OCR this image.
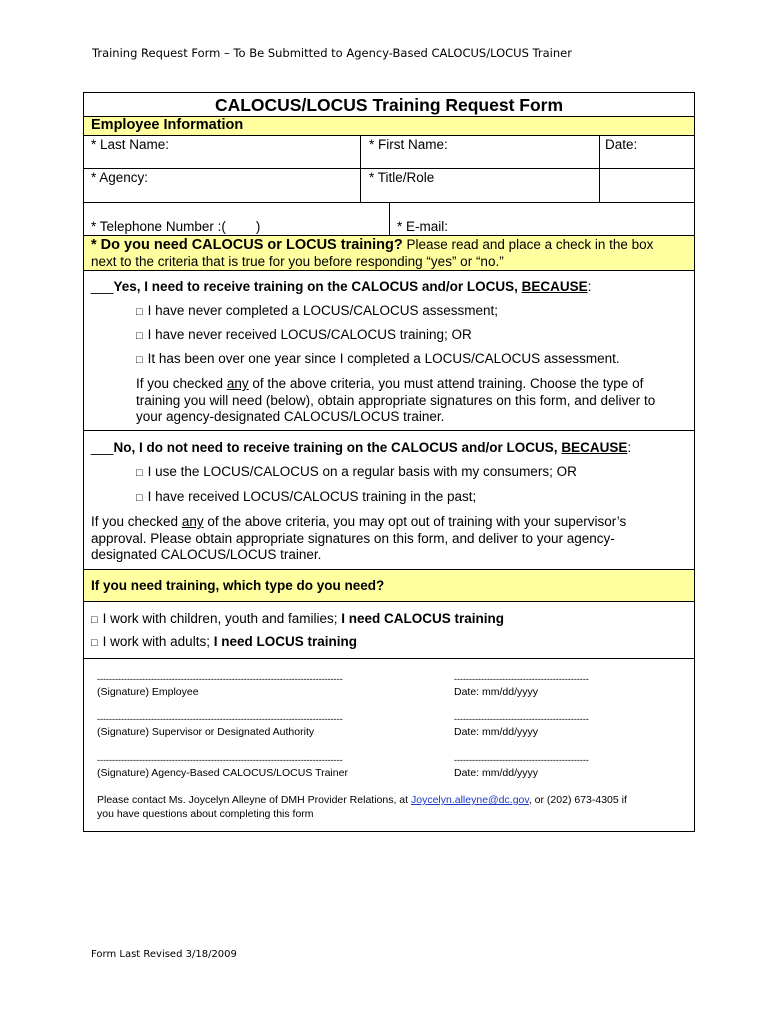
Training Request Form – To Be Submitted to Agency-Based CALOCUS/LOCUS Trainer
CALOCUS/LOCUS Training Request Form
Employee Information
* Last Name:	* First Name:	Date:
* Agency:	* Title/Role
* Telephone Number :(        )	* E-mail:
* Do you need CALOCUS or LOCUS training? Please read and place a check in the box
next to the criteria that is true for you before responding “yes” or “no.”
___Yes, I need to receive training on the CALOCUS and/or LOCUS, BECAUSE:
□ I have never completed a LOCUS/CALOCUS assessment;
□ I have never received LOCUS/CALOCUS training; OR
□ It has been over one year since I completed a LOCUS/CALOCUS assessment.
If you checked any of the above criteria, you must attend training. Choose the type of
training you will need (below), obtain appropriate signatures on this form, and deliver to
your agency-designated CALOCUS/LOCUS trainer.
___No, I do not need to receive training on the CALOCUS and/or LOCUS, BECAUSE:
□ I use the LOCUS/CALOCUS on a regular basis with my consumers; OR
□ I have received LOCUS/CALOCUS training in the past;
If you checked any of the above criteria, you may opt out of training with your supervisor’s
approval. Please obtain appropriate signatures on this form, and deliver to your agency-
designated CALOCUS/LOCUS trainer.
If you need training, which type do you need?
□ I work with children, youth and families; I need CALOCUS training
□ I work with adults; I need LOCUS training
----------------------------------------------------------------------------------	---------------------------------------------
(Signature) Employee	Date: mm/dd/yyyy
----------------------------------------------------------------------------------	---------------------------------------------
(Signature) Supervisor or Designated Authority	Date: mm/dd/yyyy
----------------------------------------------------------------------------------	---------------------------------------------
(Signature) Agency-Based CALOCUS/LOCUS Trainer	Date: mm/dd/yyyy
Please contact Ms. Joycelyn Alleyne of DMH Provider Relations, at Joycelyn.alleyne@dc.gov, or (202) 673-4305 if
you have questions about completing this form
Form Last Revised 3/18/2009
